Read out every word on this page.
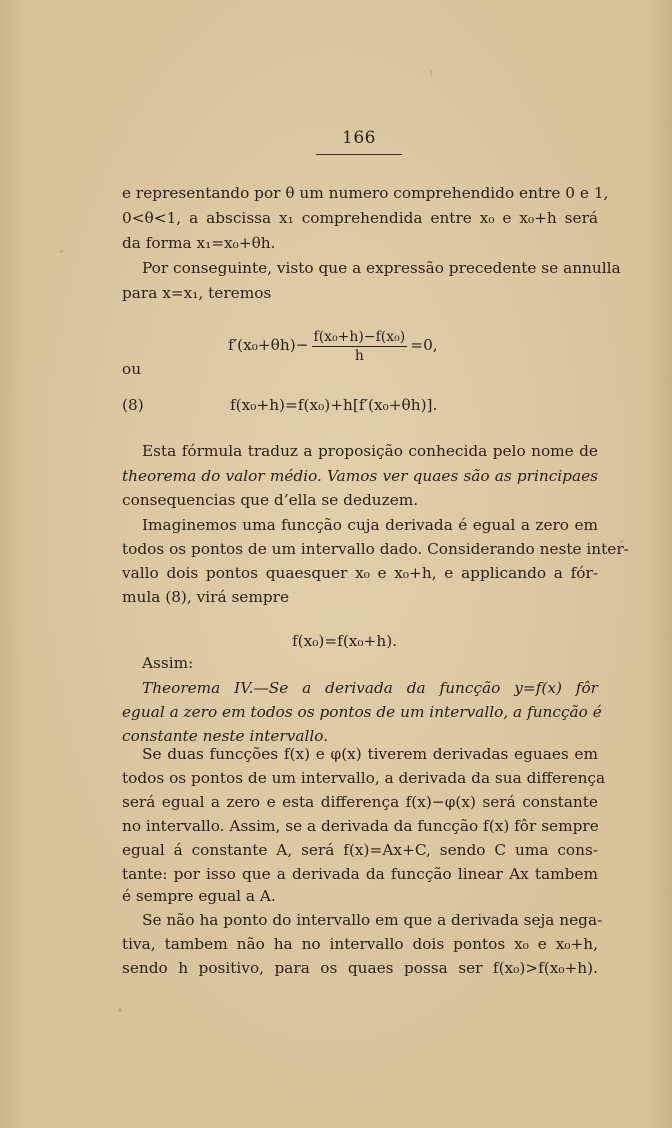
166
e representando por θ um numero comprehendido entre 0 e 1,
0<θ<1, a abscissa x₁ comprehendida entre x₀ e x₀+h será
da forma x₁=x₀+θh.
Por conseguinte, visto que a expressão precedente se annulla
para x=x₁, teremos
$f'(x_0+\theta h)- \frac{\text{f(x₀+h)−f(x₀)}}{h} =0$,
ou
(8)	f(x₀+h)=f(x₀)+h[f′(x₀+θh)].
Esta fórmula traduz a proposição conhecida pelo nome de
theorema do valor médio. Vamos ver quaes são as principaes
consequencias que d’ella se deduzem.
Imaginemos uma funcção cuja derivada é egual a zero em
todos os pontos de um intervallo dado. Considerando neste inter-
vallo dois pontos quaesquer x₀ e x₀+h, e applicando a fór-
mula (8), virá sempre
f(x₀)=f(x₀+h).
Assim:
Theorema IV.—Se a derivada da funcção y=f(x) fôr
egual a zero em todos os pontos de um intervallo, a funcção é
constante neste intervallo.
Se duas funcções f(x) e φ(x) tiverem derivadas eguaes em
todos os pontos de um intervallo, a derivada da sua differença
será egual a zero e esta differença f(x)−φ(x) será constante
no intervallo. Assim, se a derivada da funcção f(x) fôr sempre
egual á constante A, será f(x)=Ax+C, sendo C uma cons-
tante: por isso que a derivada da funcção linear Ax tambem
é sempre egual a A.
Se não ha ponto do intervallo em que a derivada seja nega-
tiva, tambem não ha no intervallo dois pontos x₀ e x₀+h,
sendo h positivo, para os quaes possa ser f(x₀)>f(x₀+h).
